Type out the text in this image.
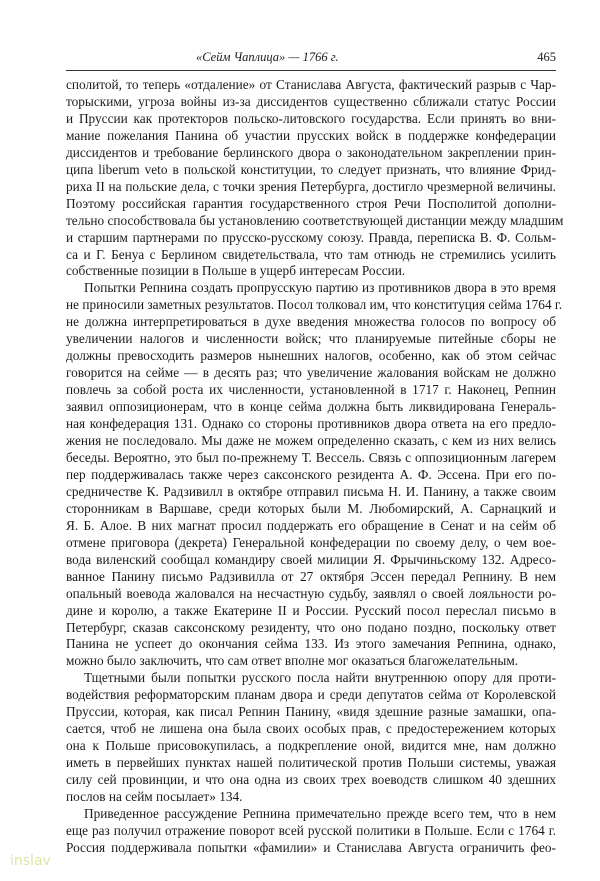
«Сейм Чаплица» — 1766 г.	465
сполитой, то теперь «отдаление» от Станислава Августа, фактический разрыв с Чар-
торыскими, угроза войны из-за диссидентов существенно сближали статус России
и Пруссии как протекторов польско-литовского государства. Если принять во вни-
мание пожелания Панина об участии прусских войск в поддержке конфедерации
диссидентов и требование берлинского двора о законодательном закреплении прин-
ципа liberum veto в польской конституции, то следует признать, что влияние Фрид-
риха II на польские дела, с точки зрения Петербурга, достигло чрезмерной величины.
Поэтому российская гарантия государственного строя Речи Посполитой дополни-
тельно способствовала бы установлению соответствующей дистанции между младшим
и старшим партнерами по прусско-русскому союзу. Правда, переписка В. Ф. Сольм-
са и Г. Бенуа с Берлином свидетельствала, что там отнюдь не стремились усилить
собственные позиции в Польше в ущерб интересам России.
Попытки Репнина создать пропрусскую партию из противников двора в это время
не приносили заметных результатов. Посол толковал им, что конституция сейма 1764 г.
не должна интерпретироваться в духе введения множества голосов по вопросу об
увеличении налогов и численности войск; что планируемые питейные сборы не
должны превосходить размеров нынешних налогов, особенно, как об этом сейчас
говорится на сейме — в десять раз; что увеличение жалования войскам не должно
повлечь за собой роста их численности, установленной в 1717 г. Наконец, Репнин
заявил оппозиционерам, что в конце сейма должна быть ликвидирована Генераль-
ная конфедерация 131. Однако со стороны противников двора ответа на его предло-
жения не последовало. Мы даже не можем определенно сказать, с кем из них велись
беседы. Вероятно, это был по-прежнему Т. Вессель. Связь с оппозиционным лагерем
пер поддерживалась также через саксонского резидента А. Ф. Эссена. При его по-
средничестве К. Радзивилл в октябре отправил письма Н. И. Панину, а также своим
сторонникам в Варшаве, среди которых были М. Любомирский, А. Сарнацкий и
Я. Б. Алое. В них магнат просил поддержать его обращение в Сенат и на сейм об
отмене приговора (декрета) Генеральной конфедерации по своему делу, о чем вое-
вода виленский сообщал командиру своей милиции Я. Фрычиньскому 132. Адресо-
ванное Панину письмо Радзивилла от 27 октября Эссен передал Репнину. В нем
опальный воевода жаловался на несчастную судьбу, заявлял о своей лояльности ро-
дине и королю, а также Екатерине II и России. Русский посол переслал письмо в
Петербург, сказав саксонскому резиденту, что оно подано поздно, поскольку ответ
Панина не успеет до окончания сейма 133. Из этого замечания Репнина, однако,
можно было заключить, что сам ответ вполне мог оказаться благожелательным.
Тщетными были попытки русского посла найти внутреннюю опору для проти-
водействия реформаторским планам двора и среди депутатов сейма от Королевской
Пруссии, которая, как писал Репнин Панину, «видя здешние разные замашки, опа-
сается, чтоб не лишена она была своих особых прав, с предостережением которых
она к Польше присовокупилась, а подкрепление оной, видится мне, нам должно
иметь в первейших пунктах нашей политической против Польши системы, уважая
силу сей провинции, и что она одна из своих трех воеводств слишком 40 здешних
послов на сейм посылает» 134.
Приведенное рассуждение Репнина примечательно прежде всего тем, что в нем
еще раз получил отражение поворот всей русской политики в Польше. Если с 1764 г.
Россия поддерживала попытки «фамилии» и Станислава Августа ограничить фео-
inslav
